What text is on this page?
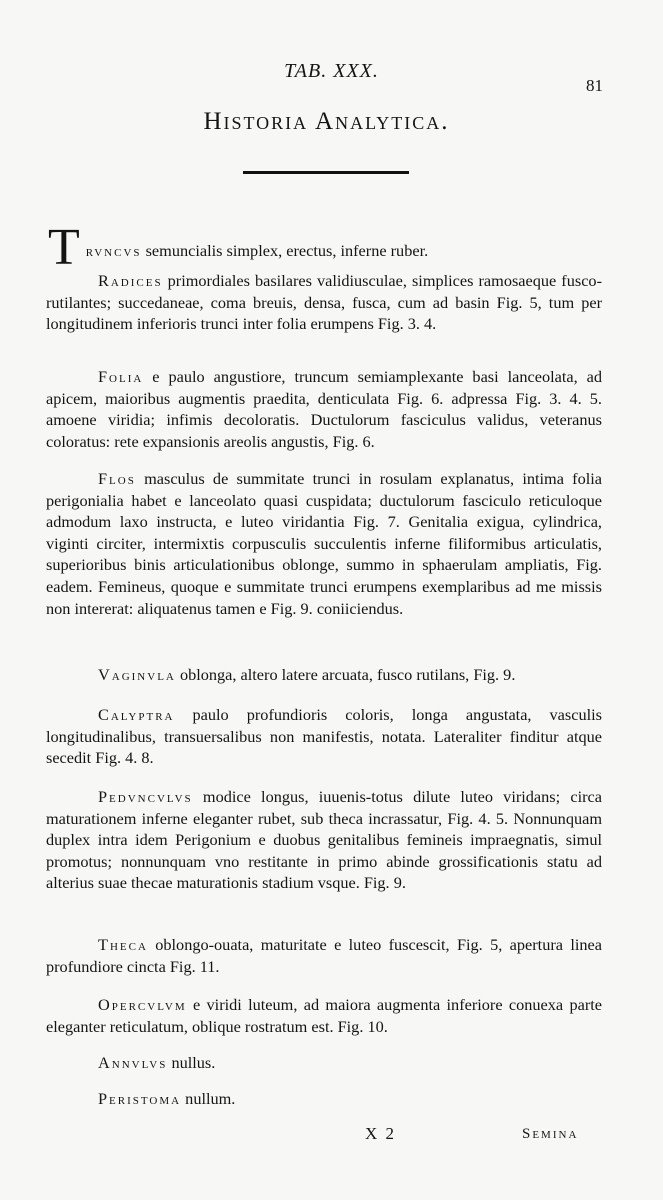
TAB. XXX.
81
Historia Analytica.
T rvncvs semuncialis simplex, erectus, inferne ruber.
Radices primordiales basilares validiusculae, simplices ramosaeque fusco-rutilantes; succedaneae, coma breuis, densa, fusca, cum ad basin Fig. 5, tum per longitudinem inferioris trunci inter folia erumpens Fig. 3. 4.
Folia e paulo angustiore, truncum semiamplexante basi lanceolata, ad apicem, maioribus augmentis praedita, denticulata Fig. 6. adpressa Fig. 3. 4. 5. amoene viridia; infimis decoloratis. Ductulorum fasciculus validus, veteranus coloratus: rete expansionis areolis angustis, Fig. 6.
Flos masculus de summitate trunci in rosulam explanatus, intima folia perigonialia habet e lanceolato quasi cuspidata; ductulorum fasciculo reticuloque admodum laxo instructa, e luteo viridantia Fig. 7. Genitalia exigua, cylindrica, viginti circiter, intermixtis corpusculis succulentis inferne filiformibus articulatis, superioribus binis articulationibus oblonge, summo in sphaerulam ampliatis, Fig. eadem. Femineus, quoque e summitate trunci erumpens exemplaribus ad me missis non intererat: aliquatenus tamen e Fig. 9. coniiciendus.
Vaginvla oblonga, altero latere arcuata, fusco rutilans, Fig. 9.
Calyptra paulo profundioris coloris, longa angustata, vasculis longitudinalibus, transuersalibus non manifestis, notata. Lateraliter finditur atque secedit Fig. 4. 8.
Pedvncvlvs modice longus, iuuenis-totus dilute luteo viridans; circa maturationem inferne eleganter rubet, sub theca incrassatur, Fig. 4. 5. Nonnunquam duplex intra idem Perigonium e duobus genitalibus femineis impraegnatis, simul promotus; nonnunquam vno restitante in primo abinde grossificationis statu ad alterius suae thecae maturationis stadium vsque. Fig. 9.
Theca oblongo-ouata, maturitate e luteo fuscescit, Fig. 5, apertura linea profundiore cincta Fig. 11.
Opercvlvm e viridi luteum, ad maiora augmenta inferiore conuexa parte eleganter reticulatum, oblique rostratum est. Fig. 10.
Annvlvs nullus.
Peristoma nullum.
X 2	Semina
